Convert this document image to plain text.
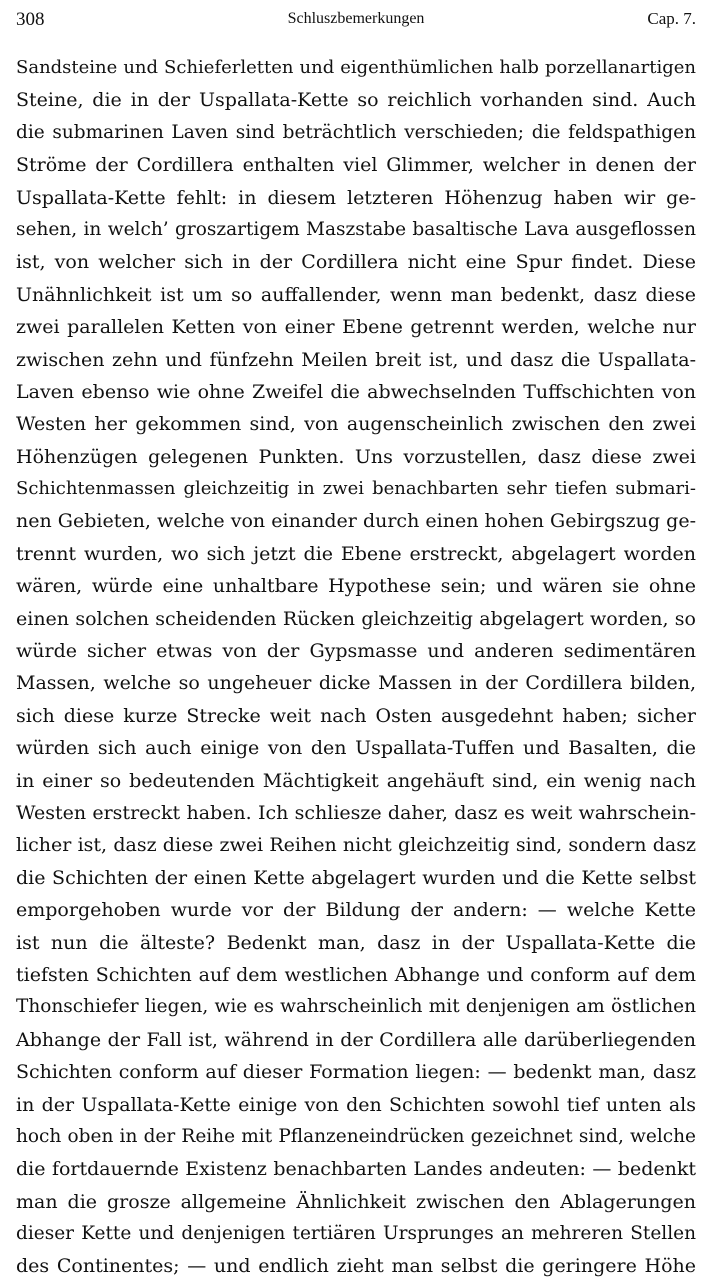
308	Schluszbemerkungen	Cap. 7.
Sandsteine und Schieferletten und eigenthümlichen halb porzellanartigen
Steine, die in der Uspallata-Kette so reichlich vorhanden sind. Auch
die submarinen Laven sind beträchtlich verschieden; die feldspathigen
Ströme der Cordillera enthalten viel Glimmer, welcher in denen der
Uspallata-Kette fehlt: in diesem letzteren Höhenzug haben wir ge-
sehen, in welch’ groszartigem Maszstabe basaltische Lava ausgeflossen
ist, von welcher sich in der Cordillera nicht eine Spur findet. Diese
Unähnlichkeit ist um so auffallender, wenn man bedenkt, dasz diese
zwei parallelen Ketten von einer Ebene getrennt werden, welche nur
zwischen zehn und fünfzehn Meilen breit ist, und dasz die Uspallata-
Laven ebenso wie ohne Zweifel die abwechselnden Tuffschichten von
Westen her gekommen sind, von augenscheinlich zwischen den zwei
Höhenzügen gelegenen Punkten. Uns vorzustellen, dasz diese zwei
Schichtenmassen gleichzeitig in zwei benachbarten sehr tiefen submari-
nen Gebieten, welche von einander durch einen hohen Gebirgszug ge-
trennt wurden, wo sich jetzt die Ebene erstreckt, abgelagert worden
wären, würde eine unhaltbare Hypothese sein; und wären sie ohne
einen solchen scheidenden Rücken gleichzeitig abgelagert worden, so
würde sicher etwas von der Gypsmasse und anderen sedimentären
Massen, welche so ungeheuer dicke Massen in der Cordillera bilden,
sich diese kurze Strecke weit nach Osten ausgedehnt haben; sicher
würden sich auch einige von den Uspallata-Tuffen und Basalten, die
in einer so bedeutenden Mächtigkeit angehäuft sind, ein wenig nach
Westen erstreckt haben. Ich schliesze daher, dasz es weit wahrschein-
licher ist, dasz diese zwei Reihen nicht gleichzeitig sind, sondern dasz
die Schichten der einen Kette abgelagert wurden und die Kette selbst
emporgehoben wurde vor der Bildung der andern: — welche Kette
ist nun die älteste? Bedenkt man, dasz in der Uspallata-Kette die
tiefsten Schichten auf dem westlichen Abhange und conform auf dem
Thonschiefer liegen, wie es wahrscheinlich mit denjenigen am östlichen
Abhange der Fall ist, während in der Cordillera alle darüberliegenden
Schichten conform auf dieser Formation liegen: — bedenkt man, dasz
in der Uspallata-Kette einige von den Schichten sowohl tief unten als
hoch oben in der Reihe mit Pflanzeneindrücken gezeichnet sind, welche
die fortdauernde Existenz benachbarten Landes andeuten: — bedenkt
man die grosze allgemeine Ähnlichkeit zwischen den Ablagerungen
dieser Kette und denjenigen tertiären Ursprunges an mehreren Stellen
des Continentes; — und endlich zieht man selbst die geringere Höhe
